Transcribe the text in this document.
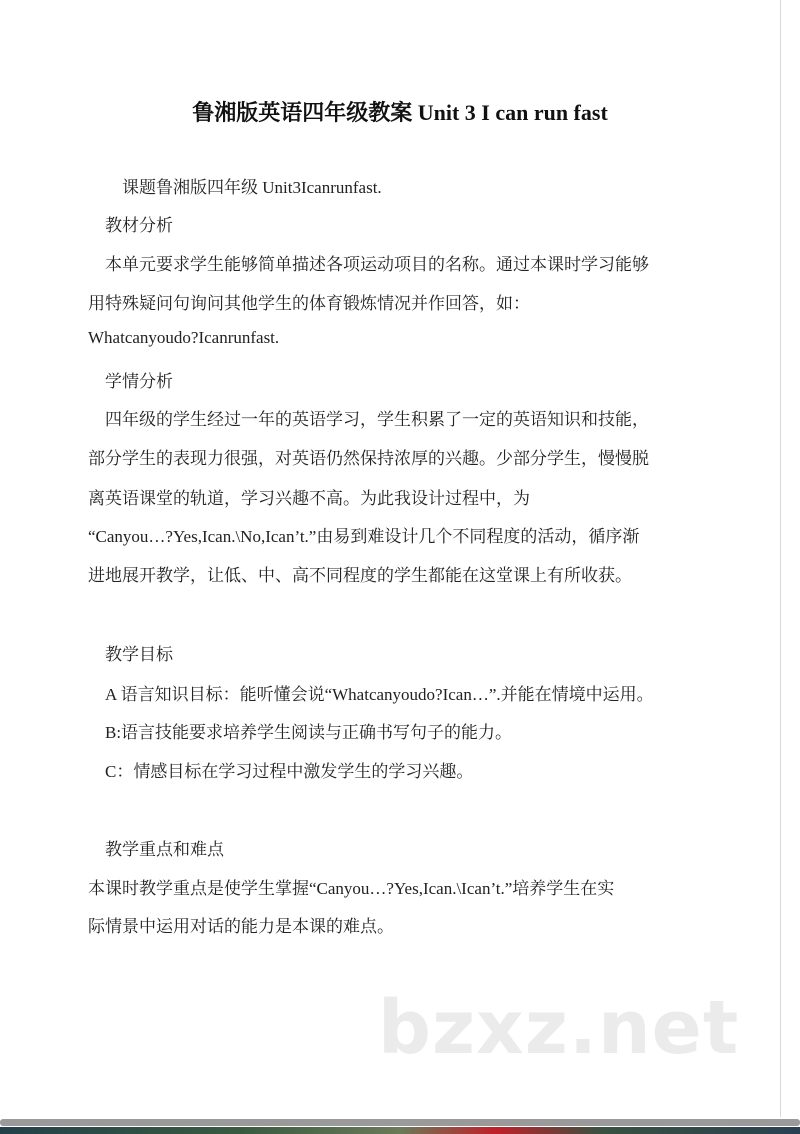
鲁湘版英语四年级教案 Unit 3 I can run fast
课题鲁湘版四年级 Unit3Icanrunfast.
教材分析
本单元要求学生能够简单描述各项运动项目的名称。通过本课时学习能够
用特殊疑问句询问其他学生的体育锻炼情况并作回答，如：
Whatcanyoudo?Icanrunfast.
学情分析
四年级的学生经过一年的英语学习，学生积累了一定的英语知识和技能，
部分学生的表现力很强，对英语仍然保持浓厚的兴趣。少部分学生，慢慢脱
离英语课堂的轨道，学习兴趣不高。为此我设计过程中，为
“Canyou…?Yes,Ican.\No,Ican’t.”由易到难设计几个不同程度的活动，循序渐
进地展开教学，让低、中、高不同程度的学生都能在这堂课上有所收获。
教学目标
A 语言知识目标：能听懂会说“Whatcanyoudo?Ican…”.并能在情境中运用。
B:语言技能要求培养学生阅读与正确书写句子的能力。
C：情感目标在学习过程中激发学生的学习兴趣。
教学重点和难点
本课时教学重点是使学生掌握“Canyou…?Yes,Ican.\Ican’t.”培养学生在实
际情景中运用对话的能力是本课的难点。
bzxz.net
